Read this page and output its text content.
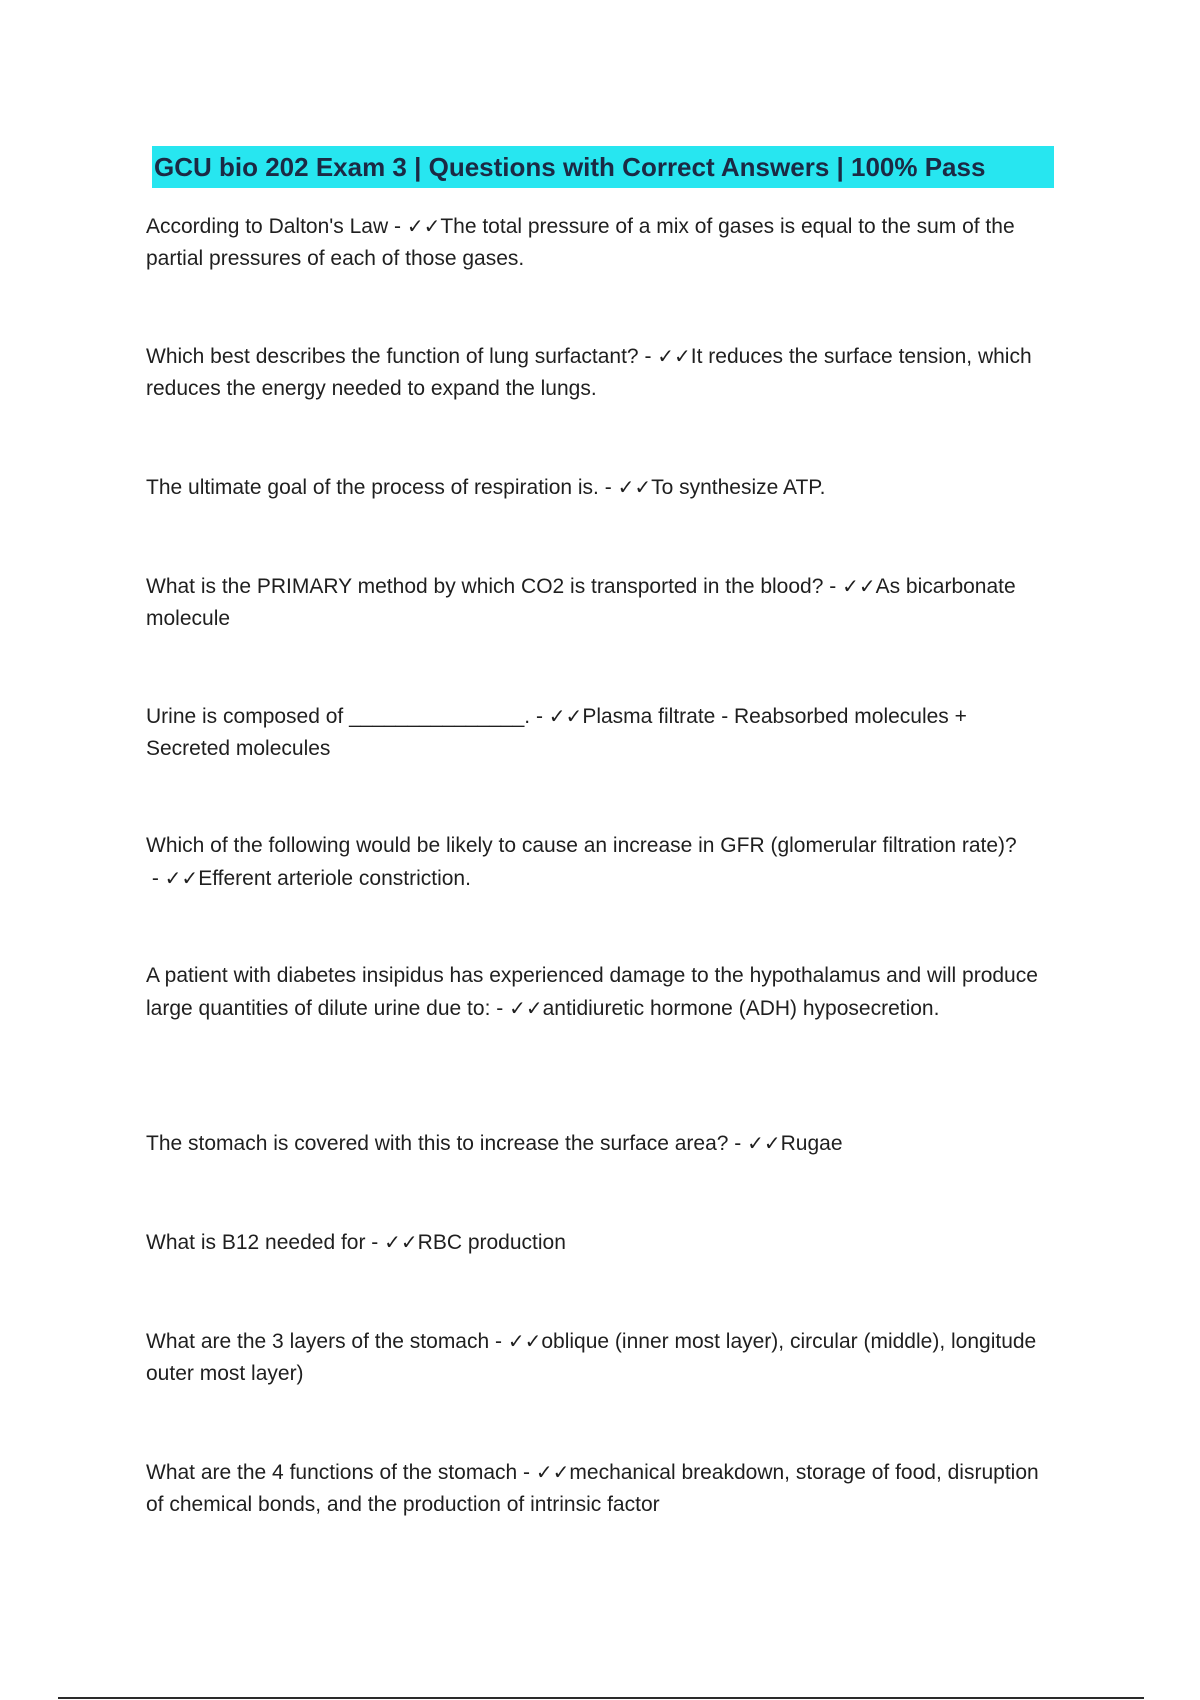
GCU bio 202 Exam 3 | Questions with Correct Answers | 100% Pass
According to Dalton's Law - ✓✓The total pressure of a mix of gases is equal to the sum of the partial pressures of each of those gases.
Which best describes the function of lung surfactant? - ✓✓It reduces the surface tension, which reduces the energy needed to expand the lungs.
The ultimate goal of the process of respiration is. - ✓✓To synthesize ATP.
What is the PRIMARY method by which CO2 is transported in the blood? - ✓✓As bicarbonate molecule
Urine is composed of _______________. - ✓✓Plasma filtrate - Reabsorbed molecules + Secreted molecules
Which of the following would be likely to cause an increase in GFR (glomerular filtration rate)? - ✓✓Efferent arteriole constriction.
A patient with diabetes insipidus has experienced damage to the hypothalamus and will produce large quantities of dilute urine due to: - ✓✓antidiuretic hormone (ADH) hyposecretion.
The stomach is covered with this to increase the surface area? - ✓✓Rugae
What is B12 needed for - ✓✓RBC production
What are the 3 layers of the stomach - ✓✓oblique (inner most layer), circular (middle), longitude outer most layer)
What are the 4 functions of the stomach - ✓✓mechanical breakdown, storage of food, disruption of chemical bonds, and the production of intrinsic factor
